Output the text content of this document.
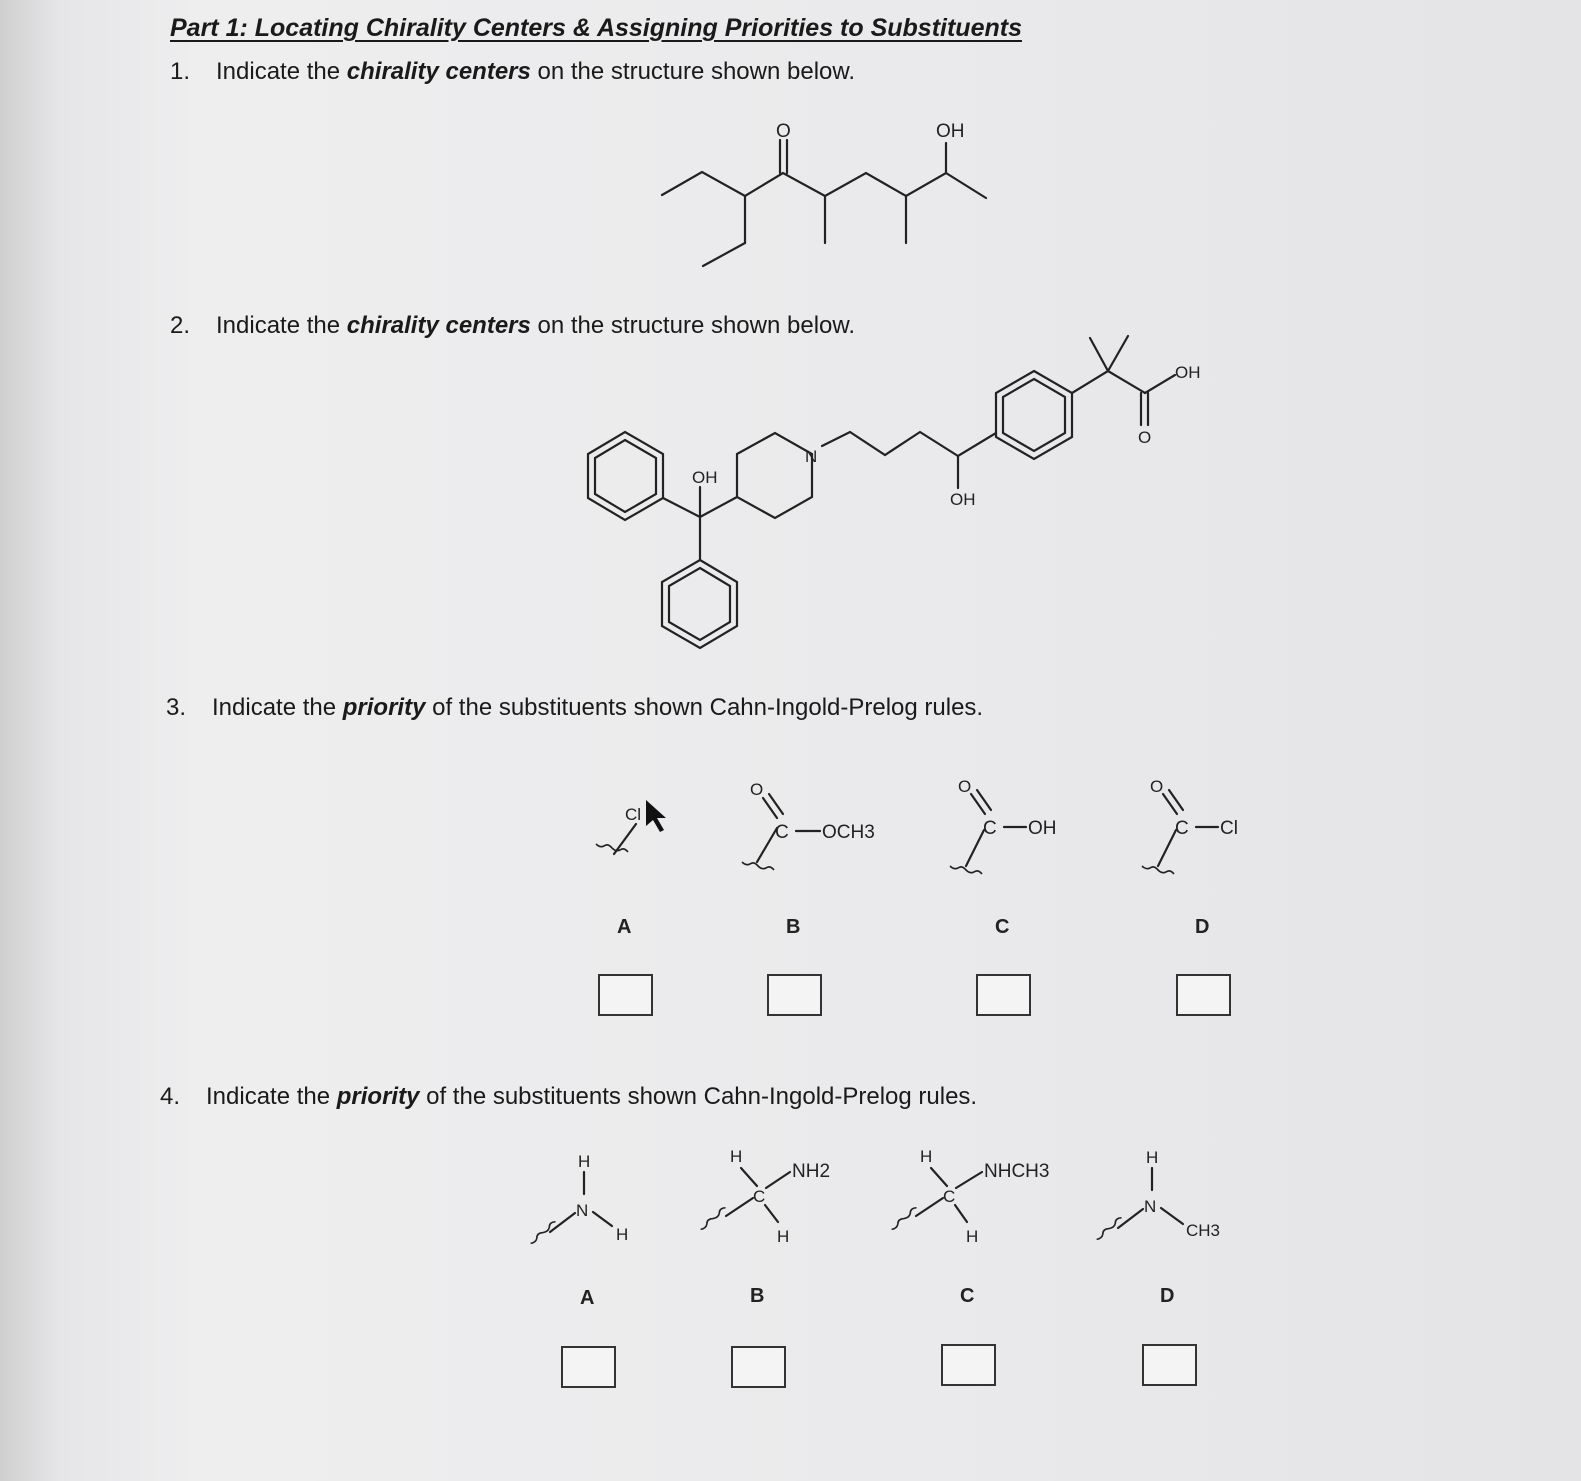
Part 1: Locating Chirality Centers & Assigning Priorities to Substituents
1. Indicate the chirality centers on the structure shown below.
2. Indicate the chirality centers on the structure shown below.
3. Indicate the priority of the substituents shown Cahn-Ingold-Prelog rules.
4. Indicate the priority of the substituents shown Cahn-Ingold-Prelog rules.
O	OH
OH
N
OH
OH
O
Cl
A
O
C OCH3
B
O
C OH
C
O
C Cl
D
H
N
H
A
H
C
NH2
H
B
H
C
NHCH3
H
C
H
N
CH3
D
